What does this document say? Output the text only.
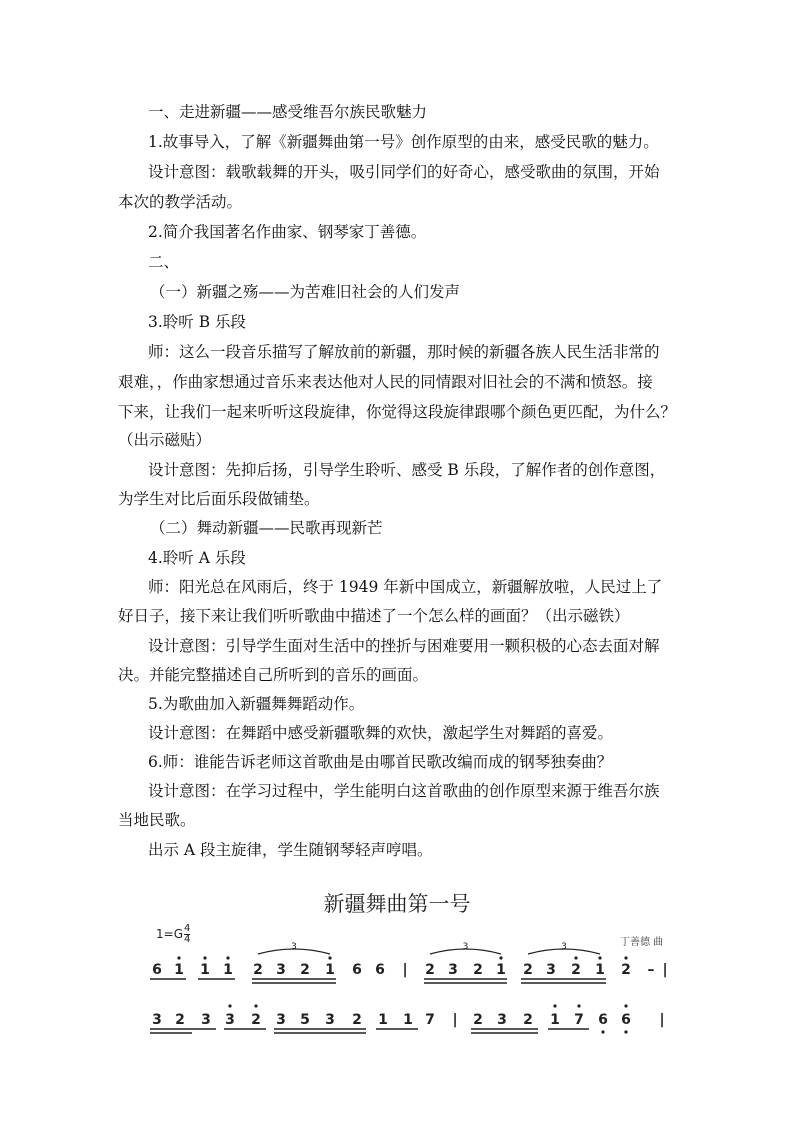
一、走进新疆——感受维吾尔族民歌魅力
1.故事导入，了解《新疆舞曲第一号》创作原型的由来，感受民歌的魅力。
设计意图：载歌载舞的开头，吸引同学们的好奇心，感受歌曲的氛围，开始
本次的教学活动。
2.简介我国著名作曲家、钢琴家丁善德。
二、
（一）新疆之殇——为苦难旧社会的人们发声
3.聆听 B 乐段
师：这么一段音乐描写了解放前的新疆，那时候的新疆各族人民生活非常的
艰难，，作曲家想通过音乐来表达他对人民的同情跟对旧社会的不满和愤怒。接
下来，让我们一起来听听这段旋律，你觉得这段旋律跟哪个颜色更匹配，为什么？
（出示磁贴）
设计意图：先抑后扬，引导学生聆听、感受 B 乐段，了解作者的创作意图，
为学生对比后面乐段做铺垫。
（二）舞动新疆——民歌再现新芒
4.聆听 A 乐段
师：阳光总在风雨后，终于 1949 年新中国成立，新疆解放啦，人民过上了
好日子，接下来让我们听听歌曲中描述了一个怎么样的画面？（出示磁铁）
设计意图：引导学生面对生活中的挫折与困难要用一颗积极的心态去面对解
决。并能完整描述自己所听到的音乐的画面。
5.为歌曲加入新疆舞舞蹈动作。
设计意图：在舞蹈中感受新疆歌舞的欢快，激起学生对舞蹈的喜爱。
6.师：谁能告诉老师这首歌曲是由哪首民歌改编而成的钢琴独奏曲？
设计意图：在学习过程中，学生能明白这首歌曲的创作原型来源于维吾尔族
当地民歌。
出示 A 段主旋律，学生随钢琴轻声哼唱。
新疆舞曲第一号
$1=G \frac{4}{4}$	丁善德 曲
6 1 1 1 2 3 2 1 6 6 | 2 3 2 1 2 3 2 1 2 – |
3	3	3
3 2 3 3 2 3 5 3 2 1 1 7 | 2 3 2 1 7 6 6 |
